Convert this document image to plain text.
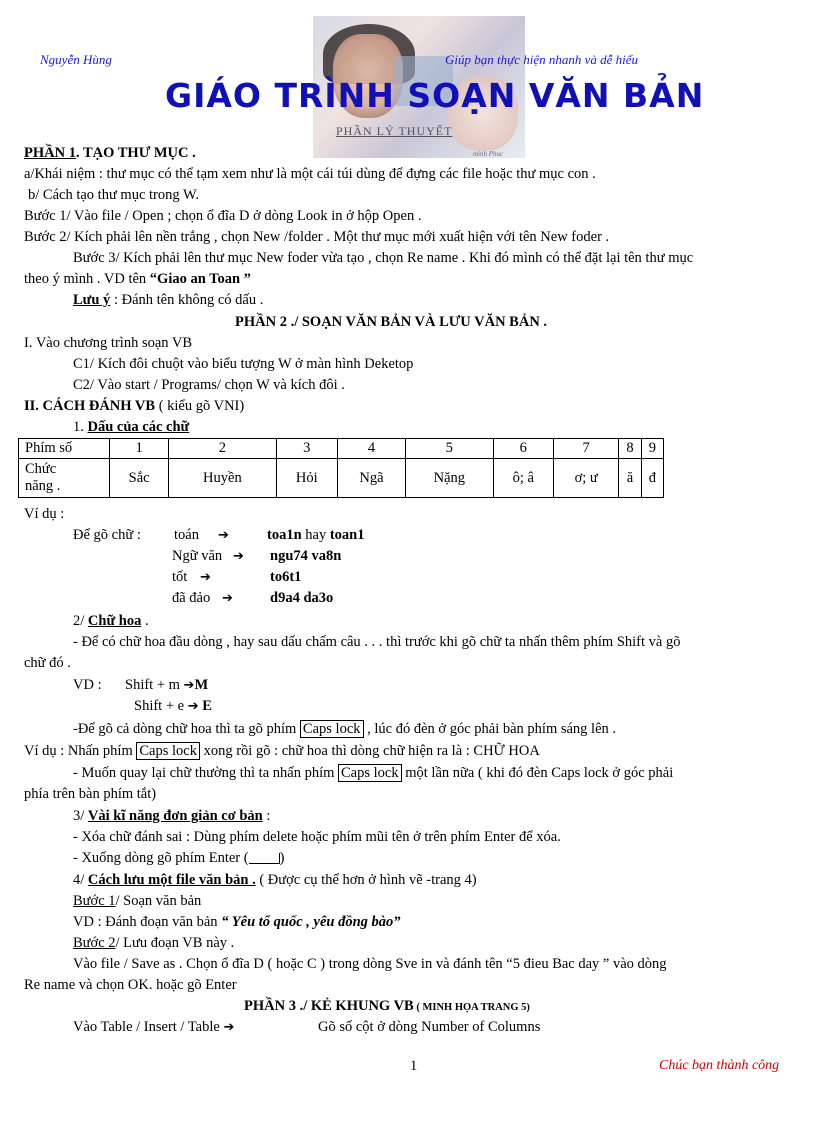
Nguyễn Hùng
minh Phuc
Giúp bạn thực hiện nhanh và dễ hiểu
GIÁO TRÌNH SOẠN VĂN BẢN
PHẦN LÝ THUYẾT
PHẦN 1. TẠO THƯ MỤC .
a/Khái niệm : thư mục có thể tạm xem như là một cái túi dùng để đựng các file hoặc thư mục con .
b/ Cách tạo thư mục trong W.
Bước 1/ Vào file / Open ; chọn ổ đĩa D ở dòng Look in ở hộp Open .
Bước 2/ Kích phải lên nền trắng , chọn New /folder . Một thư mục mới xuất hiện với tên New foder .
Bước 3/ Kích phải lên thư mục New foder vừa tạo , chọn Re name . Khi đó mình có thể đặt lại tên thư mục
theo ý mình . VD tên “Giao an Toan ”
Lưu ý : Đánh tên không có dấu .
PHẦN 2 ./ SOẠN VĂN BẢN VÀ LƯU VĂN BẢN .
I. Vào chương trình soạn VB
C1/ Kích đôi chuột vào biểu tượng W ở màn hình Deketop
C2/ Vào start / Programs/ chọn W và kích đôi .
II. CÁCH ĐÁNH VB ( kiểu gõ VNI)
1. Dấu của các chữ
Phím số	1	2	3	4	5	6	7	8	9
Chức
năng .	Sắc	Huyền	Hỏi	Ngã	Nặng	ô; â	ơ; ư	ă	đ
Ví dụ :
Để gõ chữ : toán ➔	toa1n hay toan1
Ngữ văn ➔ ngu74 va8n
tốt ➔	to6t1
đã đảo ➔	d9a4 da3o
2/ Chữ hoa .
- Để có chữ hoa đầu dòng , hay sau dấu chấm câu . . . thì trước khi gõ chữ ta nhấn thêm phím Shift và gõ
chữ đó .
VD : Shift + m ➔M
Shift + e ➔ E
-Để gõ cả dòng chữ hoa thì ta gõ phím Caps lock , lúc đó đèn ở góc phải bàn phím sáng lên .
Ví dụ : Nhấn phím Caps lock xong rồi gõ : chữ hoa thì dòng chữ hiện ra là : CHỮ HOA
- Muốn quay lại chữ thường thì ta nhấn phím Caps lock một lần nữa ( khi đó đèn Caps lock ở góc phải
phía trên bàn phím tắt)
3/ Vài kĩ năng đơn giản cơ bản :
- Xóa chữ đánh sai : Dùng phím delete hoặc phím mũi tên ở trên phím Enter để xóa.
- Xuống dòng gõ phím Enter ( )
4/ Cách lưu một file văn bản . ( Được cụ thể hơn ở hình vẽ -trang 4)
Bước 1/ Soạn văn bản
VD : Đánh đoạn văn bản “ Yêu tổ quốc , yêu đồng bào”
Bước 2/ Lưu đoạn VB này .
Vào file / Save as . Chọn ổ đĩa D ( hoặc C ) trong dòng Sve in và đánh tên “5 đieu Bac day ” vào dòng
Re name và chọn OK. hoặc gõ Enter
PHẦN 3 ./ KẺ KHUNG VB ( MINH HỌA TRANG 5)
Vào Table / Insert / Table ➔	Gõ số cột ở dòng Number of Columns
1	Chúc bạn thành công
